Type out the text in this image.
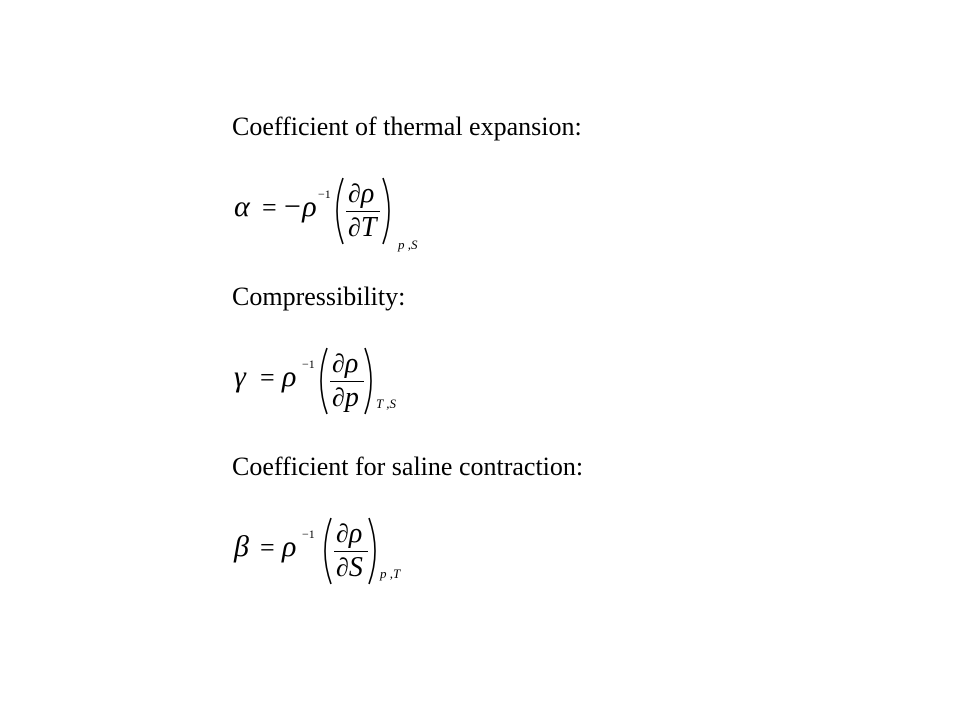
Coefficient of thermal expansion:
α = −ρ −1 ∂ρ
∂T
p ,S
Compressibility:
γ = ρ −1 ∂ρ
∂p T ,S
Coefficient for saline contraction:
β = ρ −1 ∂ρ
∂S p ,T
